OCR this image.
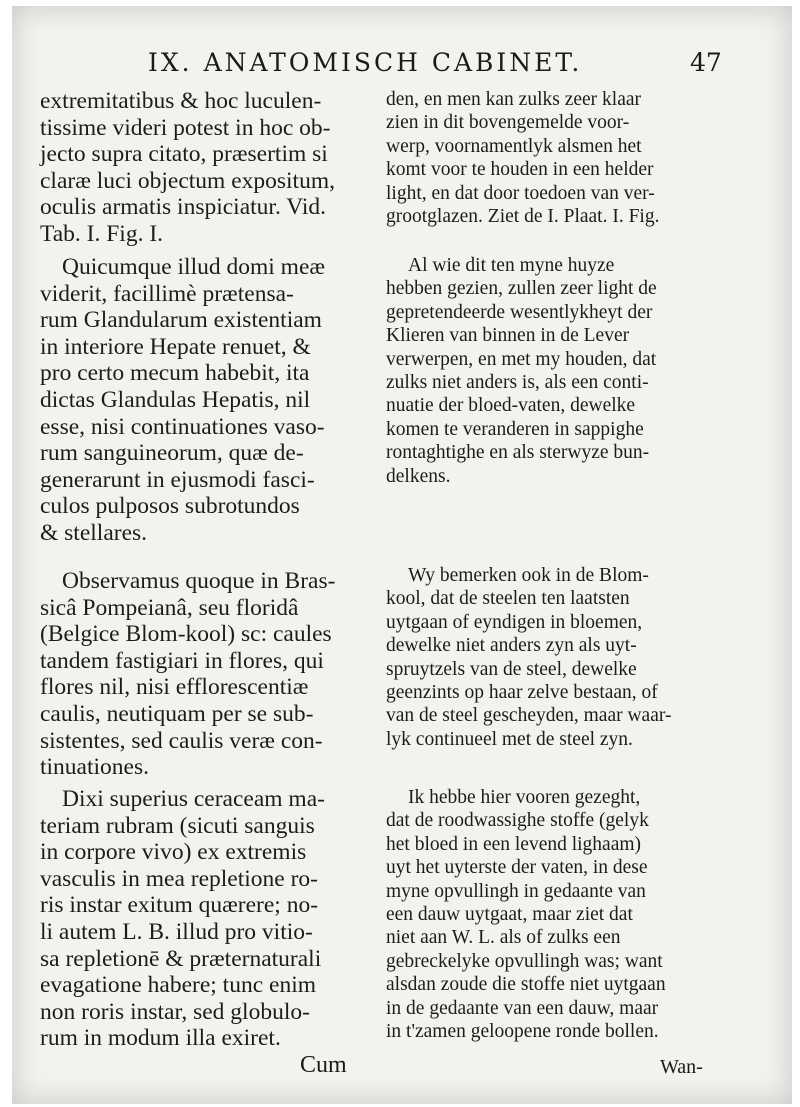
IX. ANATOMISCH CABINET.	47
extremitatibus & hoc luculen-
tissime videri potest in hoc ob-
jecto supra citato, præsertim si
claræ luci objectum expositum,
oculis armatis inspiciatur. Vid.
Tab. I. Fig. I.
Quicumque illud domi meæ
viderit, facillimè prætensa-
rum Glandularum existentiam
in interiore Hepate renuet, &
pro certo mecum habebit, ita
dictas Glandulas Hepatis, nil
esse, nisi continuationes vaso-
rum sanguineorum, quæ de-
generarunt in ejusmodi fasci-
culos pulposos subrotundos
& stellares.
Observamus quoque in Bras-
sicâ Pompeianâ, seu floridâ
(Belgice Blom-kool) sc: caules
tandem fastigiari in flores, qui
flores nil, nisi efflorescentiæ
caulis, neutiquam per se sub-
sistentes, sed caulis veræ con-
tinuationes.
Dixi superius ceraceam ma-
teriam rubram (sicuti sanguis
in corpore vivo) ex extremis
vasculis in mea repletione ro-
ris instar exitum quærere; no-
li autem L. B. illud pro vitio-
sa repletionē & præternaturali
evagatione habere; tunc enim
non roris instar, sed globulo-
rum in modum illa exiret.
den, en men kan zulks zeer klaar
zien in dit bovengemelde voor-
werp, voornamentlyk alsmen het
komt voor te houden in een helder
light, en dat door toedoen van ver-
grootglazen. Ziet de I. Plaat. I. Fig.
Al wie dit ten myne huyze
hebben gezien, zullen zeer light de
gepretendeerde wesentlykheyt der
Klieren van binnen in de Lever
verwerpen, en met my houden, dat
zulks niet anders is, als een conti-
nuatie der bloed-vaten, dewelke
komen te veranderen in sappighe
rontaghtighe en als sterwyze bun-
delkens.
Wy bemerken ook in de Blom-
kool, dat de steelen ten laatsten
uytgaan of eyndigen in bloemen,
dewelke niet anders zyn als uyt-
spruytzels van de steel, dewelke
geenzints op haar zelve bestaan, of
van de steel gescheyden, maar waar-
lyk continueel met de steel zyn.
Ik hebbe hier vooren gezeght,
dat de roodwassighe stoffe (gelyk
het bloed in een levend lighaam)
uyt het uyterste der vaten, in dese
myne opvullingh in gedaante van
een dauw uytgaat, maar ziet dat
niet aan W. L. als of zulks een
gebreckelyke opvullingh was; want
alsdan zoude die stoffe niet uytgaan
in de gedaante van een dauw, maar
in t'zamen geloopene ronde bollen.
Cum	Wan-
